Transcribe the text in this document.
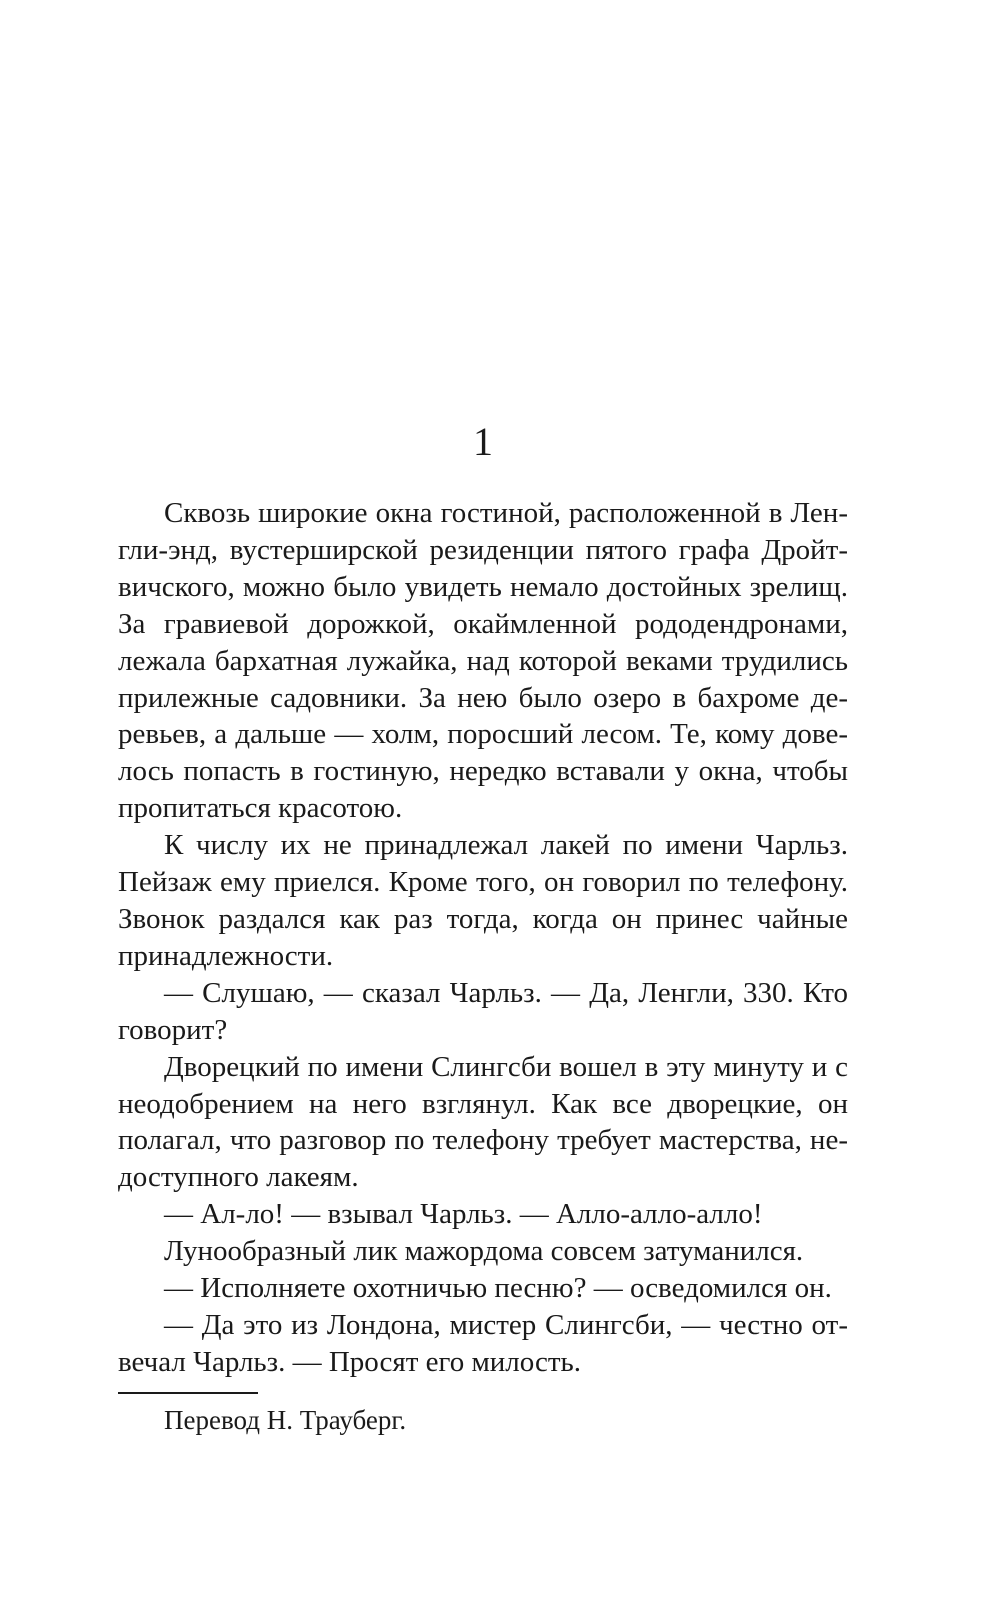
1

Сквозь широкие окна гостиной, расположенной в Ленгли-энд, вустерширской резиденции пятого графа Дройтвичского, можно было увидеть немало достойных зрелищ. За гравиевой дорожкой, окаймленной рододендронами, лежала бархатная лужайка, над которой веками трудились прилежные садовники. За нею было озеро в бахроме деревьев, а дальше — холм, поросший лесом. Те, кому довелось попасть в гостиную, нередко вставали у окна, чтобы пропитаться красотою.

К числу их не принадлежал лакей по имени Чарльз. Пейзаж ему приелся. Кроме того, он говорил по телефону. Звонок раздался как раз тогда, когда он принес чайные принадлежности.

— Слушаю, — сказал Чарльз. — Да, Ленгли, 330. Кто говорит?

Дворецкий по имени Слингсби вошел в эту минуту и с неодобрением на него взглянул. Как все дворецкие, он полагал, что разговор по телефону требует мастерства, недоступного лакеям.

— Ал-ло! — взывал Чарльз. — Алло-алло-алло!

Лунообразный лик мажордома совсем затуманился.

— Исполняете охотничью песню? — осведомился он.

— Да это из Лондона, мистер Слингсби, — честно отвечал Чарльз. — Просят его милость.

Перевод Н. Трауберг.
